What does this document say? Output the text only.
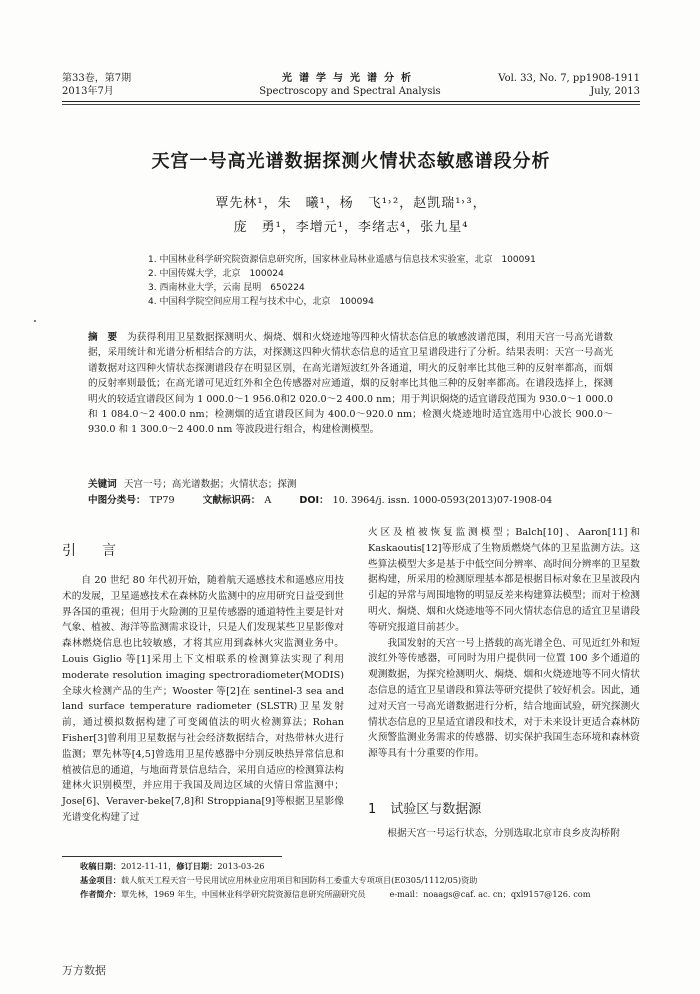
第33卷，第7期
2013年7月
光谱学与光谱分析
Spectroscopy and Spectral Analysis
Vol. 33, No. 7, pp1908-1911
July, 2013
天宫一号高光谱数据探测火情状态敏感谱段分析
覃先林¹，朱　曦¹，杨　飞¹˒²，赵凯瑞¹˒³，
庞　勇¹，李增元¹，李绪志⁴，张九星⁴
1. 中国林业科学研究院资源信息研究所，国家林业局林业遥感与信息技术实验室，北京　100091
2. 中国传媒大学，北京　100024
3. 西南林业大学，云南 昆明　650224
4. 中国科学院空间应用工程与技术中心，北京　100094
摘　要 为获得利用卫星数据探测明火、焖烧、烟和火烧迹地等四种火情状态信息的敏感波谱范围，利用天宫一号高光谱数据，采用统计和光谱分析相结合的方法，对探测这四种火情状态信息的适宜卫星谱段进行了分析。结果表明：天宫一号高光谱数据对这四种火情状态探测谱段存在明显区别，在高光谱短波红外各通道，明火的反射率比其他三种的反射率都高，而烟的反射率则最低；在高光谱可见近红外和全色传感器对应通道，烟的反射率比其他三种的反射率都高。在谱段选择上，探测明火的较适宜谱段区间为 1 000.0～1 956.0和2 020.0～2 400.0 nm；用于判识焖烧的适宜谱段范围为 930.0～1 000.0 和 1 084.0～2 400.0 nm；检测烟的适宜谱段区间为 400.0～920.0 nm；检测火烧迹地时适宜选用中心波长 900.0～930.0 和 1 300.0～2 400.0 nm 等波段进行组合，构建检测模型。
关键词 天宫一号；高光谱数据；火情状态；探测
中图分类号： TP79	文献标识码： A	DOI： 10. 3964/j. issn. 1000-0593(2013)07-1908-04
引　言

自 20 世纪 80 年代初开始，随着航天遥感技术和遥感应用技术的发展，卫星遥感技术在森林防火监测中的应用研究日益受到世界各国的重视；但用于火险测的卫星传感器的通道特性主要是针对气象、植被、海洋等监测需求设计，只是人们发现某些卫星影像对森林燃烧信息也比较敏感，才将其应用到森林火灾监测业务中。Louis Giglio 等[1]采用上下文相联系的检测算法实现了利用 moderate resolution imaging spectroradiometer(MODIS)全球火检测产品的生产；Wooster 等[2]在 sentinel-3 sea and land surface temperature radiometer (SLSTR)卫星发射前，通过模拟数据构建了可变阈值法的明火检测算法；Rohan Fisher[3]曾利用卫星数据与社会经济数据结合，对热带林火进行监测；覃先林等[4,5]曾选用卫星传感器中分别反映热异常信息和植被信息的通道，与地面背景信息结合，采用自适应的检测算法构建林火识别模型，并应用于我国及周边区域的火情日常监测中；Jose[6]、Veraver-beke[7,8]和 Stroppiana[9]等根据卫星影像光谱变化构建了过

火区及植被恢复监测模型；Balch[10]、Aaron[11]和Kaskaoutis[12]等形成了生物质燃烧气体的卫星监测方法。这些算法模型大多是基于中低空间分辨率、高时间分辨率的卫星数据构建，所采用的检测原理基本都是根据目标对象在卫星波段内引起的异常与周围地物的明显反差来构建算法模型；而对于检测明火、焖烧、烟和火烧迹地等不同火情状态信息的适宜卫星谱段等研究报道目前甚少。

我国发射的天宫一号上搭载的高光谱全色、可见近红外和短波红外等传感器，可同时为用户提供同一位置 100 多个通道的观测数据，为探究检测明火、焖烧、烟和火烧迹地等不同火情状态信息的适宜卫星谱段和算法等研究提供了较好机会。因此，通过对天宫一号高光谱数据进行分析，结合地面试验，研究探测火情状态信息的卫星适宜谱段和技术，对于未来设计更适合森林防火预警监测业务需求的传感器、切实保护我国生态环境和森林资源等具有十分重要的作用。

1 试验区与数据源

根据天宫一号运行状态，分别选取北京市良乡皮沟桥附

收稿日期：2012-11-11，修订日期：2013-03-26
基金项目：载人航天工程天宫一号民用试应用林业应用项目和国防科工委重大专项项目(E0305/1112/05)资助
作者简介：覃先林，1969 年生，中国林业科学研究院资源信息研究所副研究员	e-mail：noaags@caf. ac. cn；qxl9157@126. com
万方数据
